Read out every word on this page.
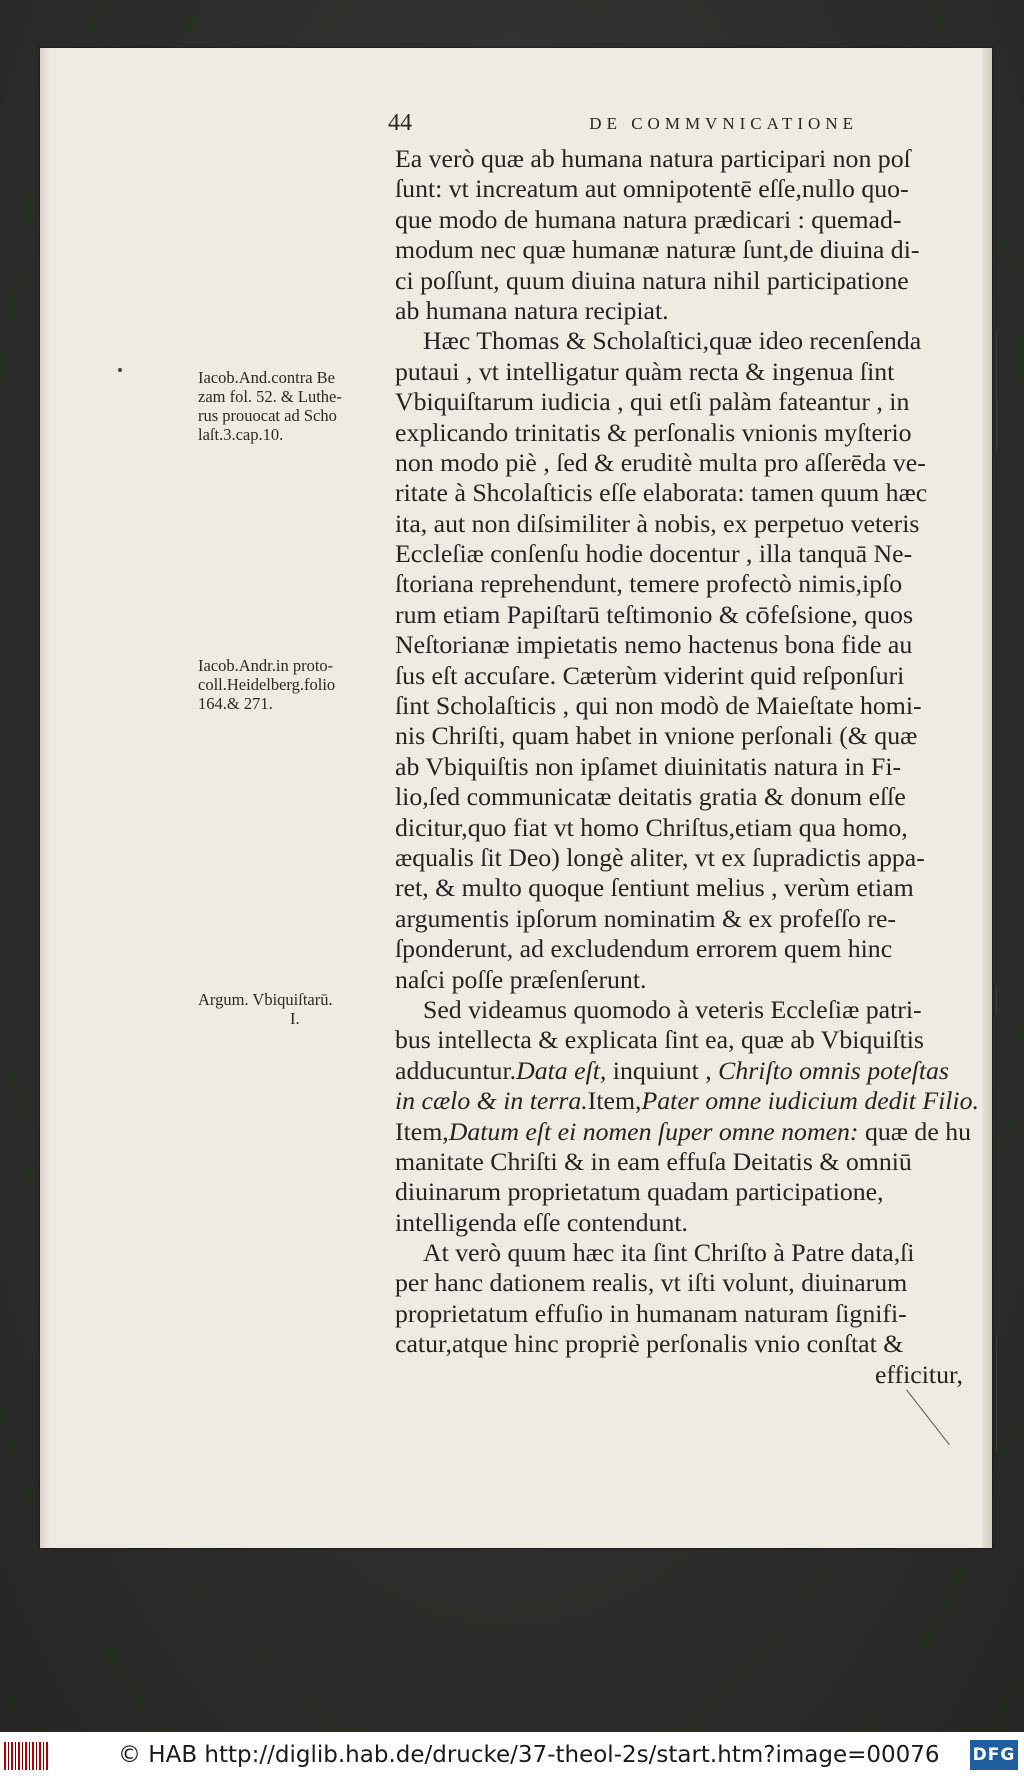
44	DE COMMVNICATIONE
Iacob.And.contra Be
zam fol. 52. & Luthe-
rus prouocat ad Scho
laſt.3.cap.10.
Iacob.Andr.in proto-
coll.Heidelberg.folio
164.& 271.
Argum. Vbiquiſtarū.
I.
Ea verò quæ ab humana natura participari non poſ
ſunt: vt increatum aut omnipotentē eſſe,nullo quo-
que modo de humana natura prædicari : quemad-
modum nec quæ humanæ naturæ ſunt,de diuina di-
ci poſſunt, quum diuina natura nihil participatione
ab humana natura recipiat.
Hæc Thomas & Scholaſtici,quæ ideo recenſenda
putaui , vt intelligatur quàm recta & ingenua ſint
Vbiquiſtarum iudicia , qui etſi palàm fateantur , in
explicando trinitatis & perſonalis vnionis myſterio
non modo piè , ſed & eruditè multa pro aſſerēda ve-
ritate à Shcolaſticis eſſe elaborata: tamen quum hæc
ita, aut non diſsimiliter à nobis, ex perpetuo veteris
Eccleſiæ conſenſu hodie docentur , illa tanquā Ne-
ſtoriana reprehendunt, temere profectò nimis,ipſo
rum etiam Papiſtarū teſtimonio & cōfeſsione, quos
Neſtorianæ impietatis nemo hactenus bona fide au
ſus eſt accuſare. Cæterùm viderint quid reſponſuri
ſint Scholaſticis , qui non modò de Maieſtate homi-
nis Chriſti, quam habet in vnione perſonali (& quæ
ab Vbiquiſtis non ipſamet diuinitatis natura in Fi-
lio,ſed communicatæ deitatis gratia & donum eſſe
dicitur,quo fiat vt homo Chriſtus,etiam qua homo,
æqualis ſit Deo) longè aliter, vt ex ſupradictis appa-
ret, & multo quoque ſentiunt melius , verùm etiam
argumentis ipſorum nominatim & ex profeſſo re-
ſponderunt, ad excludendum errorem quem hinc
naſci poſſe præſenſerunt.
Sed videamus quomodo à veteris Eccleſiæ patri-
bus intellecta & explicata ſint ea, quæ ab Vbiquiſtis
adducuntur.Data eſt, inquiunt , Chriſto omnis poteſtas
in cælo & in terra.Item,Pater omne iudicium dedit Filio.
Item,Datum eſt ei nomen ſuper omne nomen: quæ de hu
manitate Chriſti & in eam effuſa Deitatis & omniū
diuinarum proprietatum quadam participatione,
intelligenda eſſe contendunt.
At verò quum hæc ita ſint Chriſto à Patre data,ſi
per hanc dationem realis, vt iſti volunt, diuinarum
proprietatum effuſio in humanam naturam ſignifi-
catur,atque hinc propriè perſonalis vnio conſtat &
efficitur,
© HAB http://diglib.hab.de/drucke/37-theol-2s/start.htm?image=00076 DFG
